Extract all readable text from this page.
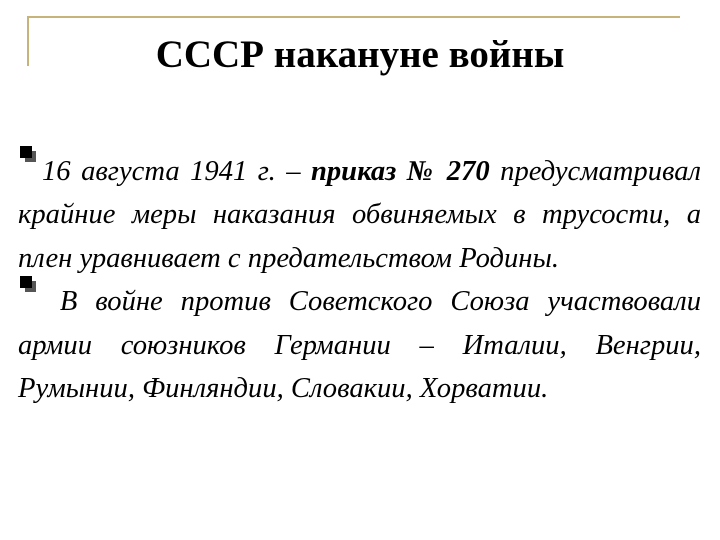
СССР накануне войны

16 августа 1941 г. – приказ № 270 предусматривал крайние меры наказания обвиняемых в трусости, а плен уравнивает с предательством Родины.

В войне против Советского Союза участвовали армии союзников Германии – Италии, Венгрии, Румынии, Финляндии, Словакии, Хорватии.
